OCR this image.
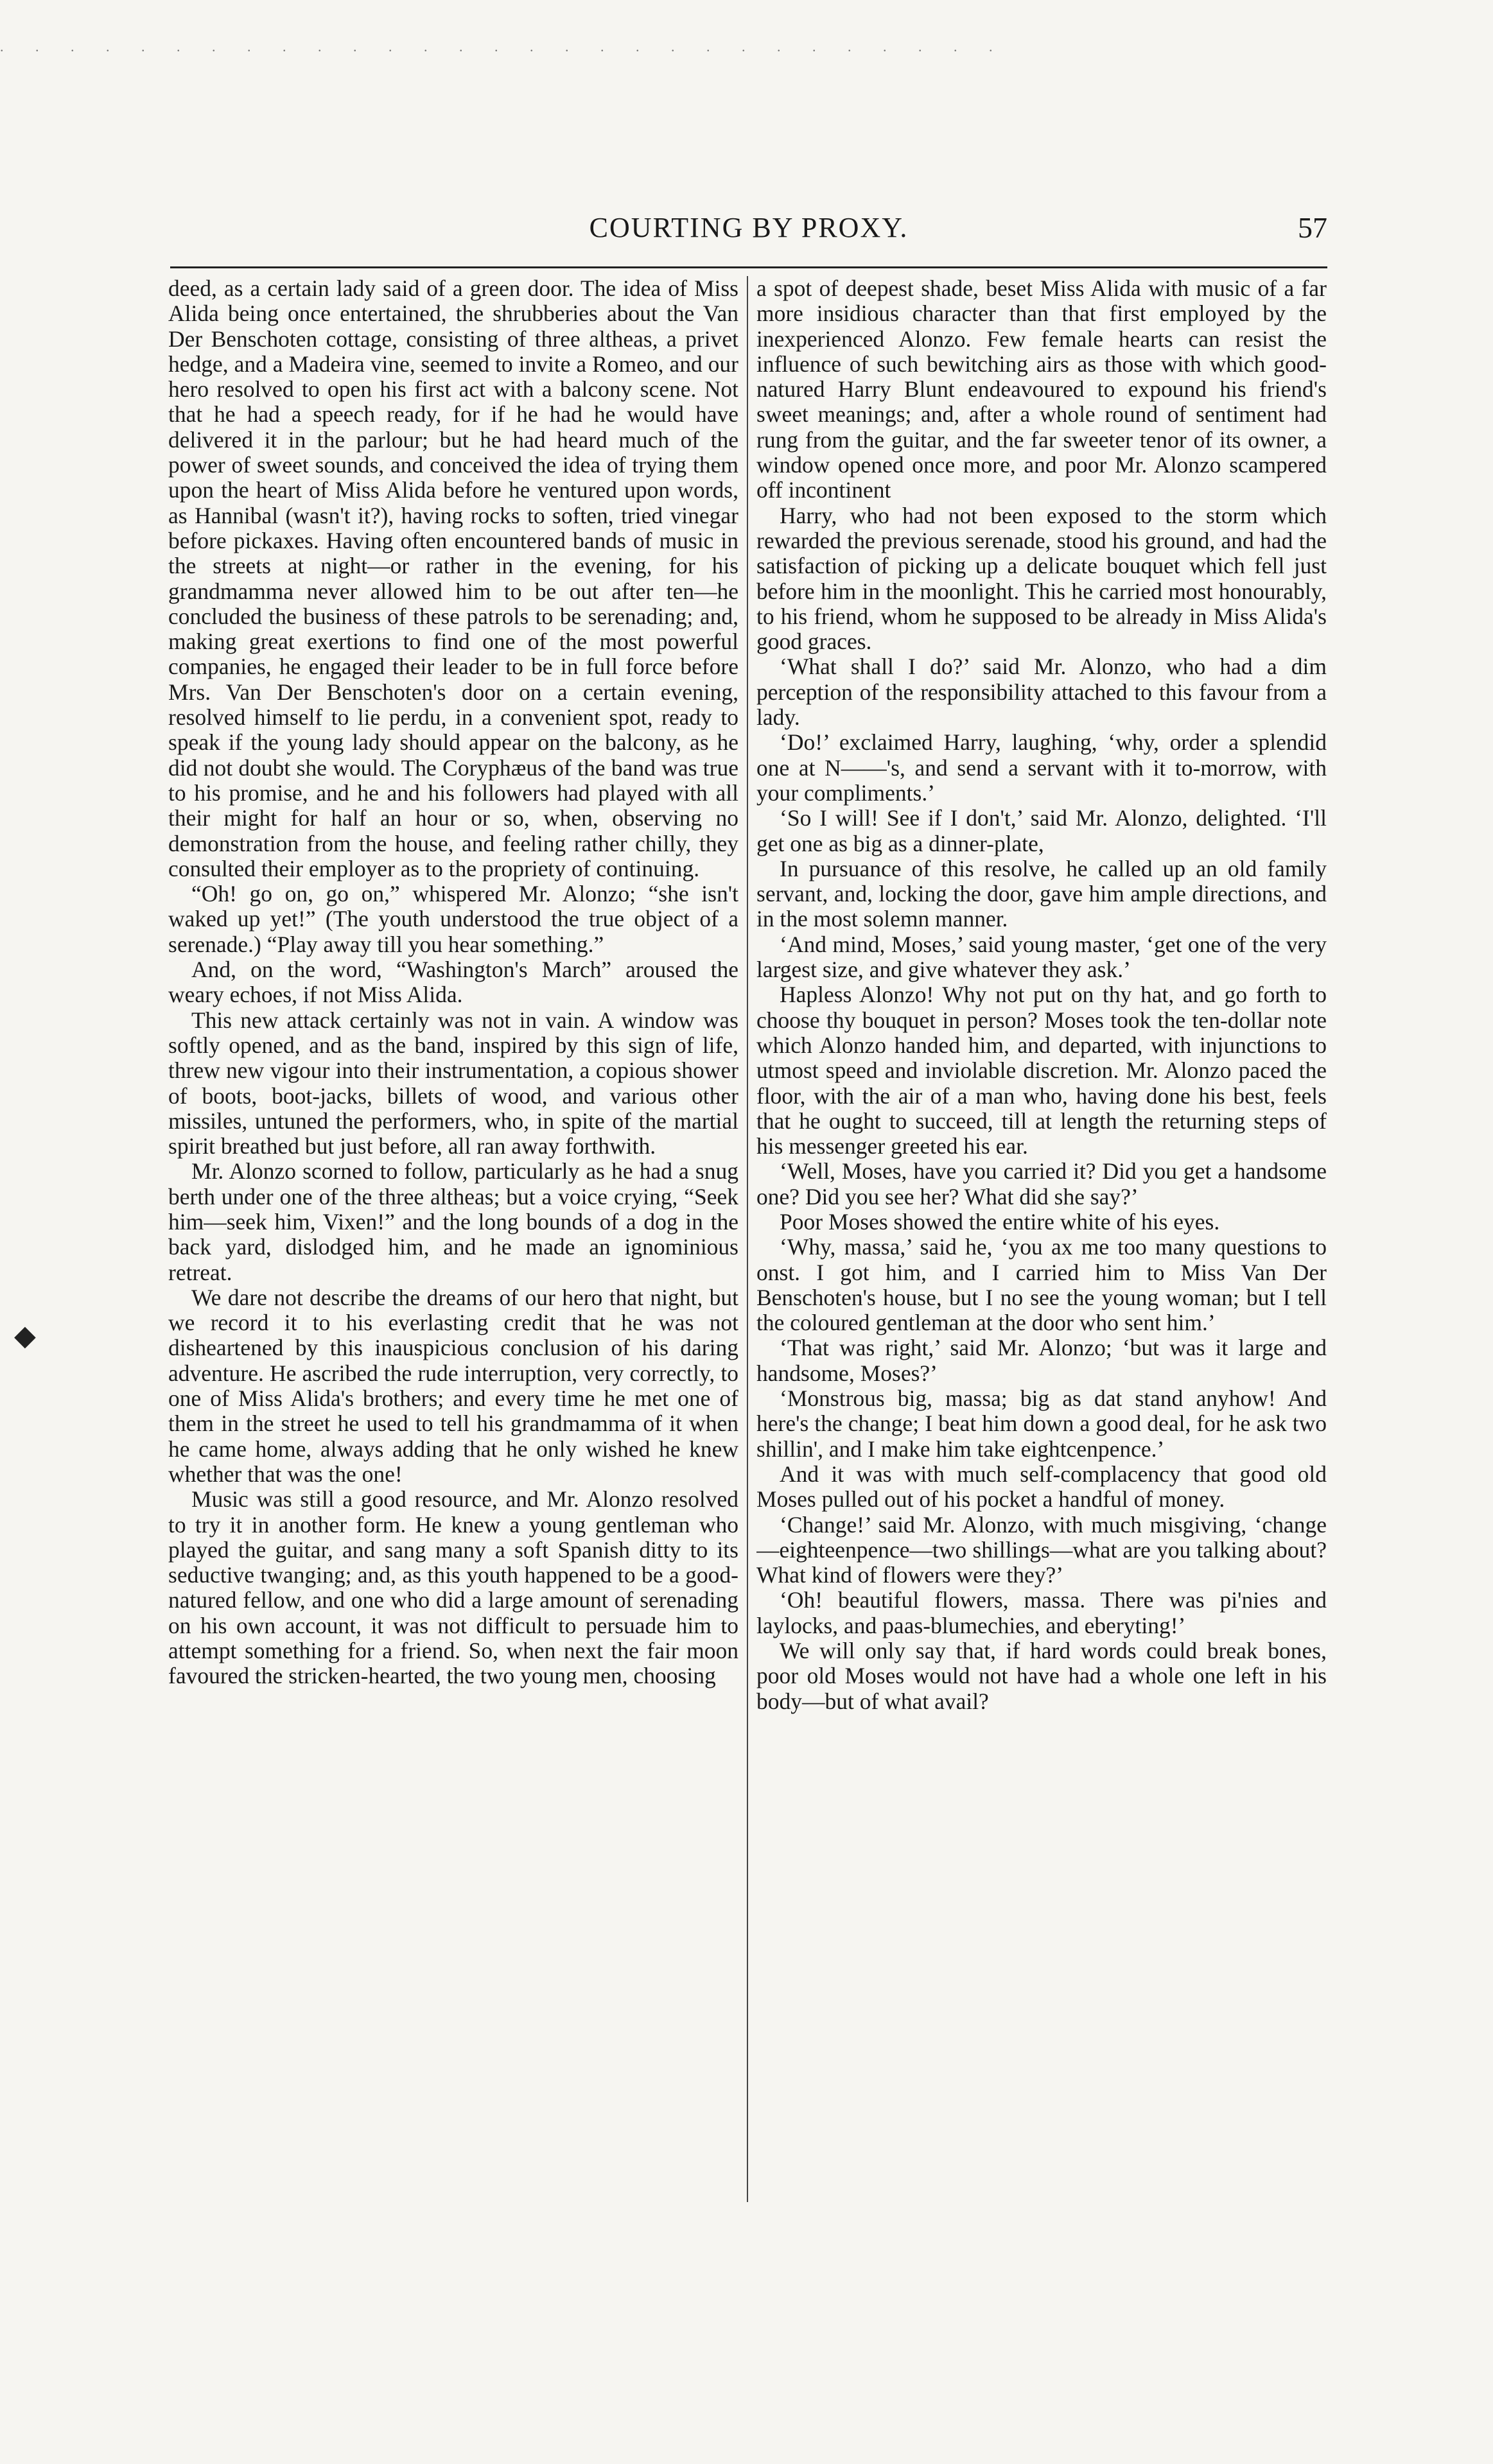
. . . . . . . . . . . . . . . . . . . . . . . . . . . . .
◆
COURTING BY PROXY.	57

deed, as a certain lady said of a green door. The idea of Miss Alida being once entertained, the shrubberies about the Van Der Benschoten cottage, consisting of three altheas, a privet hedge, and a Madeira vine, seemed to invite a Romeo, and our hero resolved to open his first act with a balcony scene. Not that he had a speech ready, for if he had he would have delivered it in the parlour; but he had heard much of the power of sweet sounds, and conceived the idea of trying them upon the heart of Miss Alida before he ventured upon words, as Hannibal (wasn't it?), having rocks to soften, tried vinegar before pickaxes. Having often encountered bands of music in the streets at night—or rather in the evening, for his grandmamma never allowed him to be out after ten—he concluded the business of these patrols to be serenading; and, making great exertions to find one of the most powerful companies, he engaged their leader to be in full force before Mrs. Van Der Benschoten's door on a certain evening, resolved himself to lie perdu, in a convenient spot, ready to speak if the young lady should appear on the balcony, as he did not doubt she would. The Coryphæus of the band was true to his promise, and he and his followers had played with all their might for half an hour or so, when, observing no demonstration from the house, and feeling rather chilly, they consulted their employer as to the propriety of continuing.

“Oh! go on, go on,” whispered Mr. Alonzo; “she isn't waked up yet!” (The youth understood the true object of a serenade.) “Play away till you hear something.”

And, on the word, “Washington's March” aroused the weary echoes, if not Miss Alida.

This new attack certainly was not in vain. A window was softly opened, and as the band, inspired by this sign of life, threw new vigour into their instrumentation, a copious shower of boots, boot-jacks, billets of wood, and various other missiles, untuned the performers, who, in spite of the martial spirit breathed but just before, all ran away forthwith.

Mr. Alonzo scorned to follow, particularly as he had a snug berth under one of the three altheas; but a voice crying, “Seek him—seek him, Vixen!” and the long bounds of a dog in the back yard, dislodged him, and he made an ignominious retreat.

We dare not describe the dreams of our hero that night, but we record it to his everlasting credit that he was not disheartened by this inauspicious conclusion of his daring adventure. He ascribed the rude interruption, very correctly, to one of Miss Alida's brothers; and every time he met one of them in the street he used to tell his grandmamma of it when he came home, always adding that he only wished he knew whether that was the one!

Music was still a good resource, and Mr. Alonzo resolved to try it in another form. He knew a young gentleman who played the guitar, and sang many a soft Spanish ditty to its seductive twanging; and, as this youth happened to be a good-natured fellow, and one who did a large amount of serenading on his own account, it was not difficult to persuade him to attempt something for a friend. So, when next the fair moon favoured the stricken-hearted, the two young men, choosing

a spot of deepest shade, beset Miss Alida with music of a far more insidious character than that first employed by the inexperienced Alonzo. Few female hearts can resist the influence of such bewitching airs as those with which good-natured Harry Blunt endeavoured to expound his friend's sweet meanings; and, after a whole round of sentiment had rung from the guitar, and the far sweeter tenor of its owner, a window opened once more, and poor Mr. Alonzo scampered off incontinent

Harry, who had not been exposed to the storm which rewarded the previous serenade, stood his ground, and had the satisfaction of picking up a delicate bouquet which fell just before him in the moonlight. This he carried most honourably, to his friend, whom he supposed to be already in Miss Alida's good graces.

‘What shall I do?’ said Mr. Alonzo, who had a dim perception of the responsibility attached to this favour from a lady.

‘Do!’ exclaimed Harry, laughing, ‘why, order a splendid one at N——'s, and send a servant with it to-morrow, with your compliments.’

‘So I will! See if I don't,’ said Mr. Alonzo, delighted. ‘I'll get one as big as a dinner-plate,

In pursuance of this resolve, he called up an old family servant, and, locking the door, gave him ample directions, and in the most solemn manner.

‘And mind, Moses,’ said young master, ‘get one of the very largest size, and give whatever they ask.’

Hapless Alonzo! Why not put on thy hat, and go forth to choose thy bouquet in person? Moses took the ten-dollar note which Alonzo handed him, and departed, with injunctions to utmost speed and inviolable discretion. Mr. Alonzo paced the floor, with the air of a man who, having done his best, feels that he ought to succeed, till at length the returning steps of his messenger greeted his ear.

‘Well, Moses, have you carried it? Did you get a handsome one? Did you see her? What did she say?’

Poor Moses showed the entire white of his eyes.

‘Why, massa,’ said he, ‘you ax me too many questions to onst. I got him, and I carried him to Miss Van Der Benschoten's house, but I no see the young woman; but I tell the coloured gentleman at the door who sent him.’

‘That was right,’ said Mr. Alonzo; ‘but was it large and handsome, Moses?’

‘Monstrous big, massa; big as dat stand anyhow! And here's the change; I beat him down a good deal, for he ask two shillin', and I make him take eightcenpence.’

And it was with much self-complacency that good old Moses pulled out of his pocket a handful of money.

‘Change!’ said Mr. Alonzo, with much misgiving, ‘change—eighteenpence—two shillings—what are you talking about? What kind of flowers were they?’

‘Oh! beautiful flowers, massa. There was pi'nies and laylocks, and paas-blumechies, and eberyting!’

We will only say that, if hard words could break bones, poor old Moses would not have had a whole one left in his body—but of what avail?
